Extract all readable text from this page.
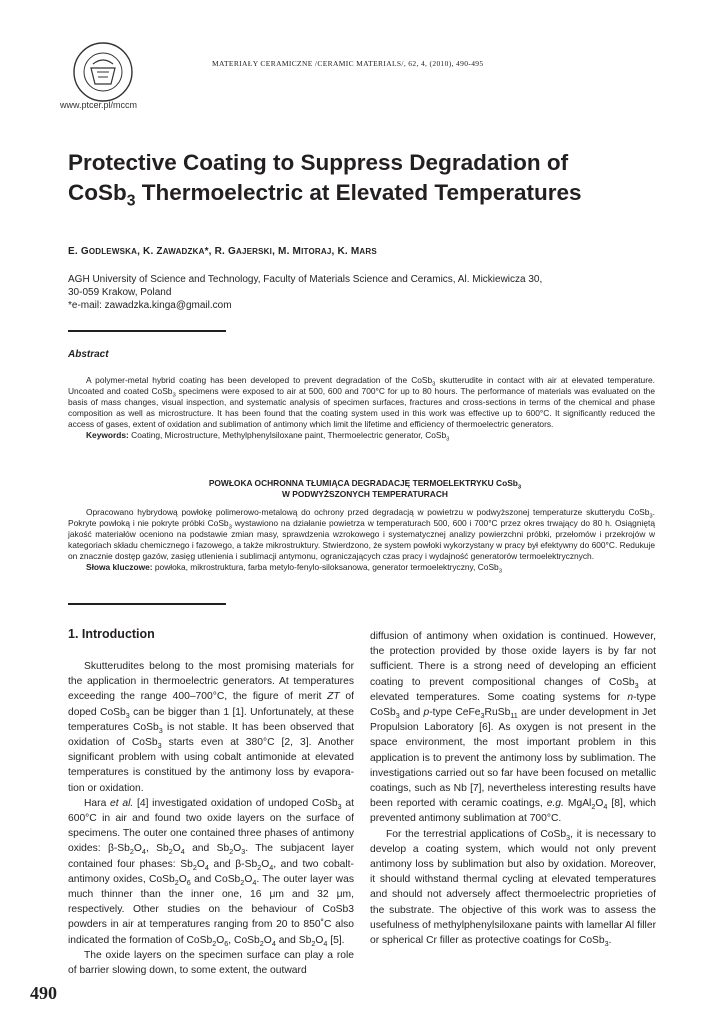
www.ptcer.pl/mccm
MATERIAŁY CERAMICZNE /CERAMIC MATERIALS/, 62, 4, (2010), 490-495
Protective Coating to Suppress Degradation of
CoSb$_3$ Thermoelectric at Elevated Temperatures
E. GODLEWSKA, K. ZAWADZKA*, R. GAJERSKI, M. MITORAJ, K. MARS
AGH University of Science and Technology, Faculty of Materials Science and Ceramics, Al. Mickiewicza 30,
30-059 Krakow, Poland
*e-mail: zawadzka.kinga@gmail.com
Abstract
A polymer-metal hybrid coating has been developed to prevent degradation of the CoSb$_3$ skutterudite in contact with air at elevated temperature. Uncoated and coated CoSb$_3$ specimens were exposed to air at 500, 600 and 700°C for up to 80 hours. The performance of materials was evaluated on the basis of mass changes, visual inspection, and systematic analysis of specimen surfaces, fractures and cross-sections in terms of the chemical and phase composition as well as microstructure. It has been found that the coating system used in this work was effective up to 600°C. It significantly reduced the access of gases, extent of oxidation and sublimation of antimony which limit the lifetime and efficiency of thermoelectric generators.
Keywords: Coating, Microstructure, Methylphenylsiloxane paint, Thermoelectric generator, CoSb$_3$
POWŁOKA OCHRONNA TŁUMIĄCA DEGRADACJĘ TERMOELEKTRYKU CoSb$_3$
W PODWYŻSZONYCH TEMPERATURACH
Opracowano hybrydową powłokę polimerowo-metalową do ochrony przed degradacją w powietrzu w podwyższonej temperaturze skutterydu CoSb$_3$. Pokryte powłoką i nie pokryte próbki CoSb$_3$ wystawiono na działanie powietrza w temperaturach 500, 600 i 700°C przez okres trwający do 80 h. Osiągniętą jakość materiałów oceniono na podstawie zmian masy, sprawdzenia wzrokowego i systematycznej analizy powierzchni próbki, przełomów i przekrojów w kategoriach składu chemicznego i fazowego, a także mikrostruktury. Stwierdzono, że system powłoki wykorzystany w pracy był efektywny do 600°C. Redukuje on znacznie dostęp gazów, zasięg utlenienia i sublimacji antymonu, ograniczających czas pracy i wydajność generatorów termoelektrycznych.
Słowa kluczowe: powłoka, mikrostruktura, farba metylo-fenylo-siloksanowa, generator termoelektryczny, CoSb$_3$
1. Introduction

Skutterudites belong to the most promising materials for the application in thermoelectric generators. At temperatures exceeding the range 400–700°C, the figure of merit ZT of doped CoSb$_3$ can be bigger than 1 [1]. Unfortunately, at these temperatures CoSb$_3$ is not stable. It has been observed that oxidation of CoSb$_3$ starts even at 380°C [2, 3]. Another significant problem with using cobalt antimonide at elevated temperatures is constitued by the antimony loss by evaporation or oxidation.

Hara et al. [4] investigated oxidation of undoped CoSb$_3$ at 600°C in air and found two oxide layers on the surface of specimens. The outer one contained three phases of antimony oxides: $\beta-Sb_2O_4$, $Sb_2O_4$ and $Sb_2O_3$. The subjacent layer contained four phases: $Sb_2O_4$ and $\beta-Sb_2O_4$, and two cobalt-antimony oxides, $CoSb_2O_6$ and $CoSb_2O_4$. The outer layer was much thinner than the inner one, 16 μm and 32 μm, respectively. Other studies on the behaviour of CoSb3 powders in air at temperatures ranging from 20 to 850˚C also indicated the formation of $CoSb_2O_6$, $CoSb_2O_4$ and $Sb_2O_4$ [5].

The oxide layers on the specimen surface can play a role of barrier slowing down, to some extent, the outward

diffusion of antimony when oxidation is continued. However, the protection provided by those oxide layers is by far not sufficient. There is a strong need of developing an efficient coating to prevent compositional changes of CoSb$_3$ at elevated temperatures. Some coating systems for n-type CoSb$_3$ and p-type CeFe$_3$RuSb$_{11}$ are under development in Jet Propulsion Laboratory [6]. As oxygen is not present in the space environment, the most important problem in this application is to prevent the antimony loss by sublimation. The investigations carried out so far have been focused on metallic coatings, such as Nb [7], nevertheless interesting results have been reported with ceramic coatings, e.g. $MgAl_2O_4$ [8], which prevented antimony sublimation at 700°C.

For the terrestrial applications of CoSb$_3$, it is necessary to develop a coating system, which would not only prevent antimony loss by sublimation but also by oxidation. Moreover, it should withstand thermal cycling at elevated temperatures and should not adversely affect thermoelectric proprieties of the substrate. The objective of this work was to assess the usefulness of methylphenylsiloxane paints with lamellar Al filler or spherical Cr filler as protective coatings for CoSb$_3$.

490
